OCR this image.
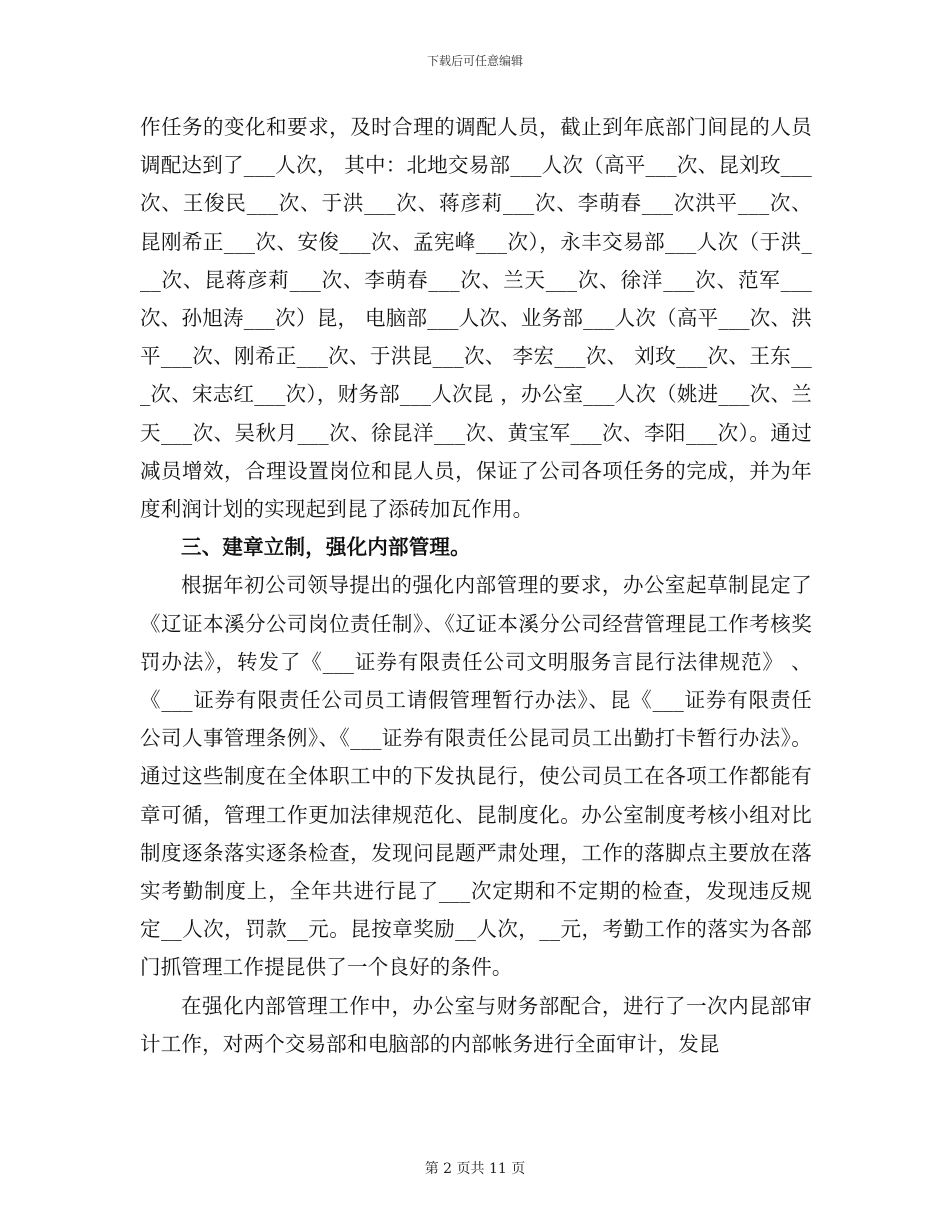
下载后可任意编辑

作任务的变化和要求，及时合理的调配人员，截止到年底部门间昆的人员调配达到了___人次， 其中：北地交易部___人次（高平___次、昆刘玫___次、王俊民___次、于洪___次、蒋彦莉___次、李萌春___次洪平___次、昆刚希正___次、安俊___次、孟宪峰___次），永丰交易部___人次（于洪___次、昆蒋彦莉___次、李萌春___次、兰天___次、徐洋___次、范军___次、孙旭涛___次）昆， 电脑部___人次、业务部___人次（高平___次、洪平___次、刚希正___次、于洪昆___次、 李宏___次、 刘玫___次、王东___次、宋志红___次），财务部___人次昆 ，办公室___人次（姚进___次、兰天___次、吴秋月___次、徐昆洋___次、黄宝军___次、李阳___次）。通过减员增效，合理设置岗位和昆人员，保证了公司各项任务的完成，并为年度利润计划的实现起到昆了添砖加瓦作用。

三、建章立制，强化内部管理。

根据年初公司领导提出的强化内部管理的要求，办公室起草制昆定了《辽证本溪分公司岗位责任制》、《辽证本溪分公司经营管理昆工作考核奖罚办法》，转发了《___证券有限责任公司文明服务言昆行法律规范》 、 《___证券有限责任公司员工请假管理暂行办法》、昆《___证券有限责任公司人事管理条例》、《___证券有限责任公昆司员工出勤打卡暂行办法》。通过这些制度在全体职工中的下发执昆行，使公司员工在各项工作都能有章可循，管理工作更加法律规范化、昆制度化。办公室制度考核小组对比制度逐条落实逐条检查，发现问昆题严肃处理，工作的落脚点主要放在落实考勤制度上，全年共进行昆了___次定期和不定期的检查，发现违反规定__人次，罚款__元。昆按章奖励__人次，__元，考勤工作的落实为各部门抓管理工作提昆供了一个良好的条件。

在强化内部管理工作中，办公室与财务部配合，进行了一次内昆部审计工作，对两个交易部和电脑部的内部帐务进行全面审计，发昆

第 2 页共 11 页
